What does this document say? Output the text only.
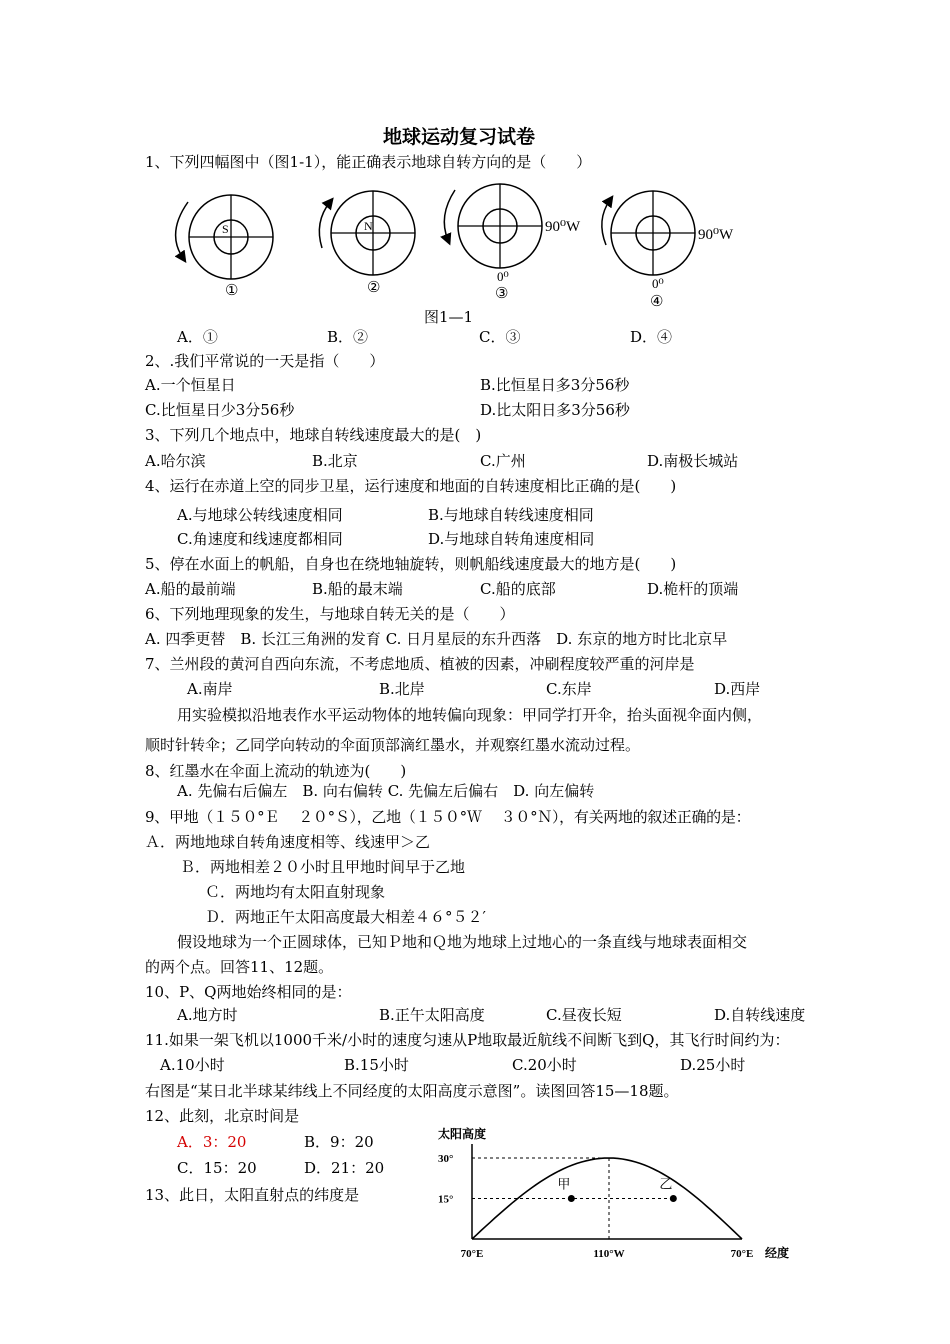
地球运动复习试卷
1、下列四幅图中（图1-1），能正确表示地球自转方向的是（　　）
S
①
N
②
90⁰W
0⁰
③
90⁰W
0⁰
④
图1—1
A．①	B．②	C．③	D．④
2、.我们平常说的一天是指（　　）
A.一个恒星日	B.比恒星日多3分56秒
C.比恒星日少3分56秒	D.比太阳日多3分56秒
3、下列几个地点中，地球自转线速度最大的是(　)
A.哈尔滨	B.北京	C.广州	D.南极长城站
4、运行在赤道上空的同步卫星，运行速度和地面的自转速度相比正确的是(　　)
A.与地球公转线速度相同	B.与地球自转线速度相同
C.角速度和线速度都相同	D.与地球自转角速度相同
5、停在水面上的帆船，自身也在绕地轴旋转，则帆船线速度最大的地方是(　　)
A.船的最前端	B.船的最末端	C.船的底部	D.桅杆的顶端
6、下列地理现象的发生，与地球自转无关的是（　　）
A. 四季更替　B. 长江三角洲的发育 C. 日月星辰的东升西落　D. 东京的地方时比北京早
7、兰州段的黄河自西向东流，不考虑地质、植被的因素，冲刷程度较严重的河岸是
A.南岸	B.北岸	C.东岸	D.西岸
用实验模拟沿地表作水平运动物体的地转偏向现象：甲同学打开伞，抬头面视伞面内侧，
顺时针转伞；乙同学向转动的伞面顶部滴红墨水，并观察红墨水流动过程。
8、红墨水在伞面上流动的轨迹为(　　)
A. 先偏右后偏左　B. 向右偏转 C. 先偏左后偏右　D. 向左偏转
9、甲地（１５０°Ｅ　 ２０°Ｓ），乙地（１５０°Ｗ　 ３０°Ｎ），有关两地的叙述正确的是：
Ａ．两地地球自转角速度相等、线速甲＞乙
Ｂ．两地相差２０小时且甲地时间早于乙地
Ｃ．两地均有太阳直射现象
Ｄ．两地正午太阳高度最大相差４６°５２′
假设地球为一个正圆球体，已知Ｐ地和Ｑ地为地球上过地心的一条直线与地球表面相交
的两个点。回答11、12题。
10、P、Q两地始终相同的是：
A.地方时	B.正午太阳高度	C.昼夜长短	D.自转线速度
11.如果一架飞机以1000千米/小时的速度匀速从P地取最近航线不间断飞到Q，其飞行时间约为：
A.10小时	B.15小时	C.20小时	D.25小时
右图是“某日北半球某纬线上不同经度的太阳高度示意图”。读图回答15—18题。
12、此刻，北京时间是
A．3：20	B．9：20
C．15：20	D．21：20
13、此日，太阳直射点的纬度是
太阳高度
经度
甲	乙
30°
15°
70°E	110°W	70°E
